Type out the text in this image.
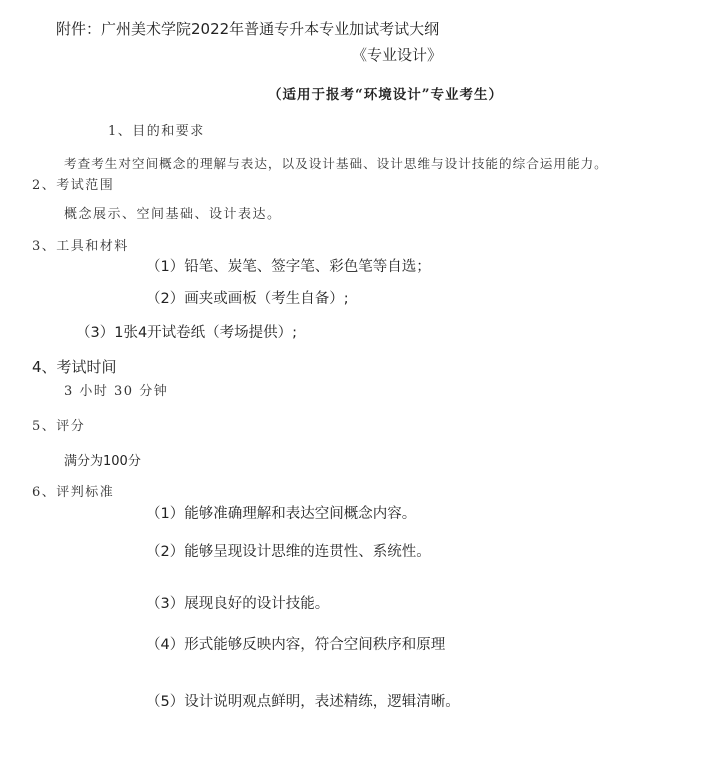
附件：广州美术学院2022年普通专升本专业加试考试大纲
《专业设计》
（适用于报考“环境设计”专业考生）
1、目的和要求
考查考生对空间概念的理解与表达，以及设计基础、设计思维与设计技能的综合运用能力。
2、考试范围
概念展示、空间基础、设计表达。
3、工具和材料
（1）铅笔、炭笔、签字笔、彩色笔等自选；
（2）画夹或画板（考生自备）;
（3）1张4开试卷纸（考场提供）;
4、考试时间
3 小时 30 分钟
5、评分
满分为100分
6、评判标准
（1）能够准确理解和表达空间概念内容。
（2）能够呈现设计思维的连贯性、系统性。
（3）展现良好的设计技能。
（4）形式能够反映内容，符合空间秩序和原理
（5）设计说明观点鲜明，表述精练，逻辑清晰。
